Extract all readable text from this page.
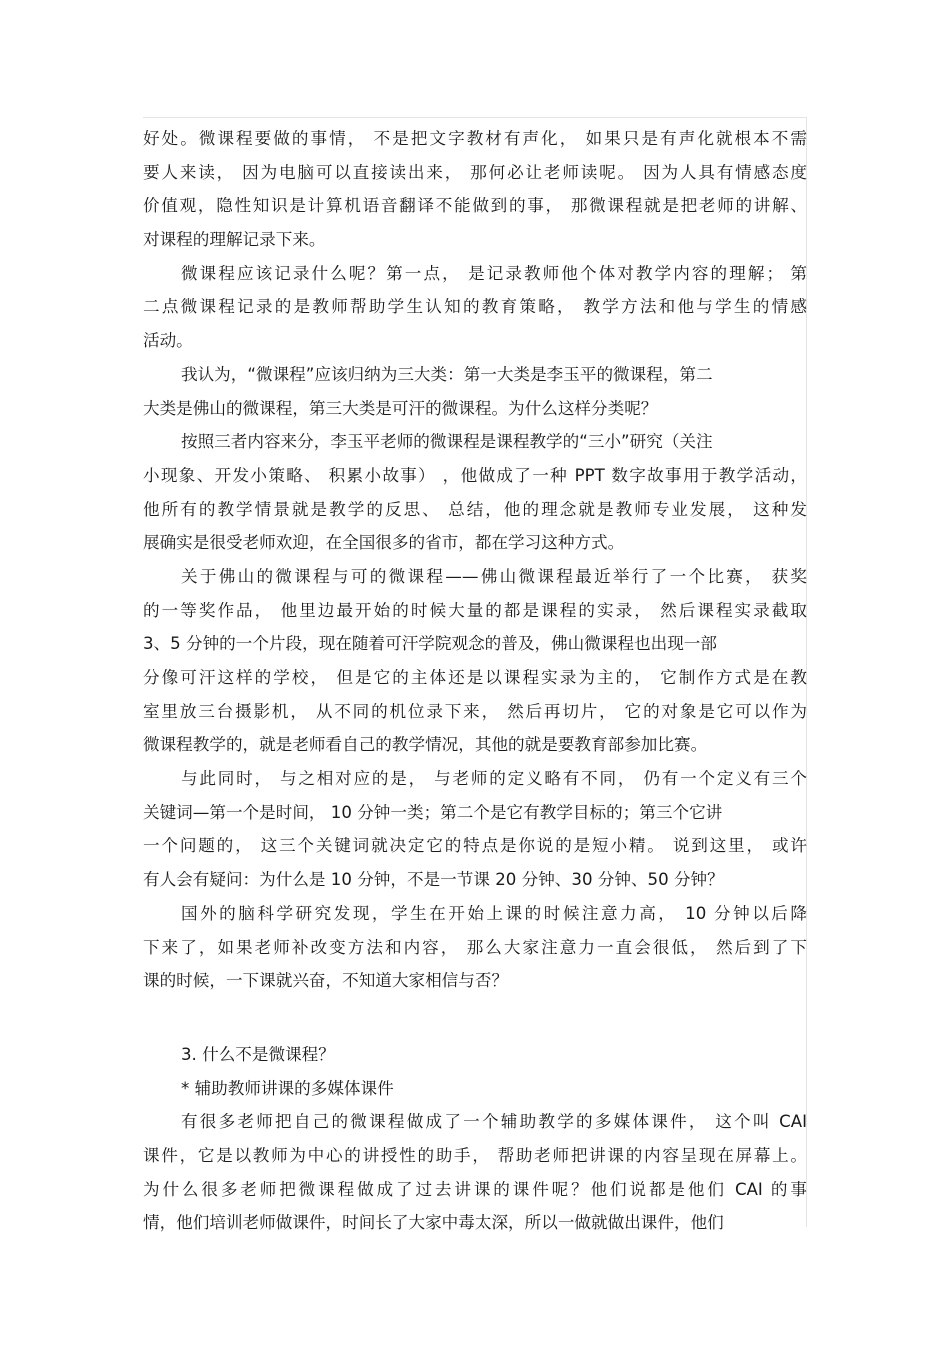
好处。微课程要做的事情， 不是把文字教材有声化， 如果只是有声化就根本不需
要人来读， 因为电脑可以直接读出来， 那何必让老师读呢。 因为人具有情感态度
价值观，隐性知识是计算机语音翻译不能做到的事， 那微课程就是把老师的讲解、
对课程的理解记录下来。
微课程应该记录什么呢？第一点， 是记录教师他个体对教学内容的理解； 第
二点微课程记录的是教师帮助学生认知的教育策略， 教学方法和他与学生的情感
活动。
我认为，“微课程”应该归纳为三大类：第一大类是李玉平的微课程，第二
大类是佛山的微课程，第三大类是可汗的微课程。为什么这样分类呢？
按照三者内容来分，李玉平老师的微课程是课程教学的“三小”研究（关注
小现象、开发小策略、 积累小故事） ，他做成了一种 PPT 数字故事用于教学活动，
他所有的教学情景就是教学的反思、 总结，他的理念就是教师专业发展， 这种发
展确实是很受老师欢迎，在全国很多的省市，都在学习这种方式。
关于佛山的微课程与可的微课程——佛山微课程最近举行了一个比赛， 获奖
的一等奖作品， 他里边最开始的时候大量的都是课程的实录， 然后课程实录截取
3、5 分钟的一个片段，现在随着可汗学院观念的普及，佛山微课程也出现一部
分像可汗这样的学校， 但是它的主体还是以课程实录为主的， 它制作方式是在教
室里放三台摄影机， 从不同的机位录下来， 然后再切片， 它的对象是它可以作为
微课程教学的，就是老师看自己的教学情况，其他的就是要教育部参加比赛。
与此同时， 与之相对应的是， 与老师的定义略有不同， 仍有一个定义有三个
关键词—第一个是时间， 10 分钟一类；第二个是它有教学目标的；第三个它讲
一个问题的， 这三个关键词就决定它的特点是你说的是短小精。 说到这里， 或许
有人会有疑问：为什么是 10 分钟，不是一节课 20 分钟、30 分钟、50 分钟？
国外的脑科学研究发现，学生在开始上课的时候注意力高， 10 分钟以后降
下来了，如果老师补改变方法和内容， 那么大家注意力一直会很低， 然后到了下
课的时候，一下课就兴奋，不知道大家相信与否？
3. 什么不是微课程？
* 辅助教师讲课的多媒体课件
有很多老师把自己的微课程做成了一个辅助教学的多媒体课件， 这个叫 CAI
课件，它是以教师为中心的讲授性的助手， 帮助老师把讲课的内容呈现在屏幕上。
为什么很多老师把微课程做成了过去讲课的课件呢？他们说都是他们 CAI 的事
情，他们培训老师做课件，时间长了大家中毒太深，所以一做就做出课件，他们
